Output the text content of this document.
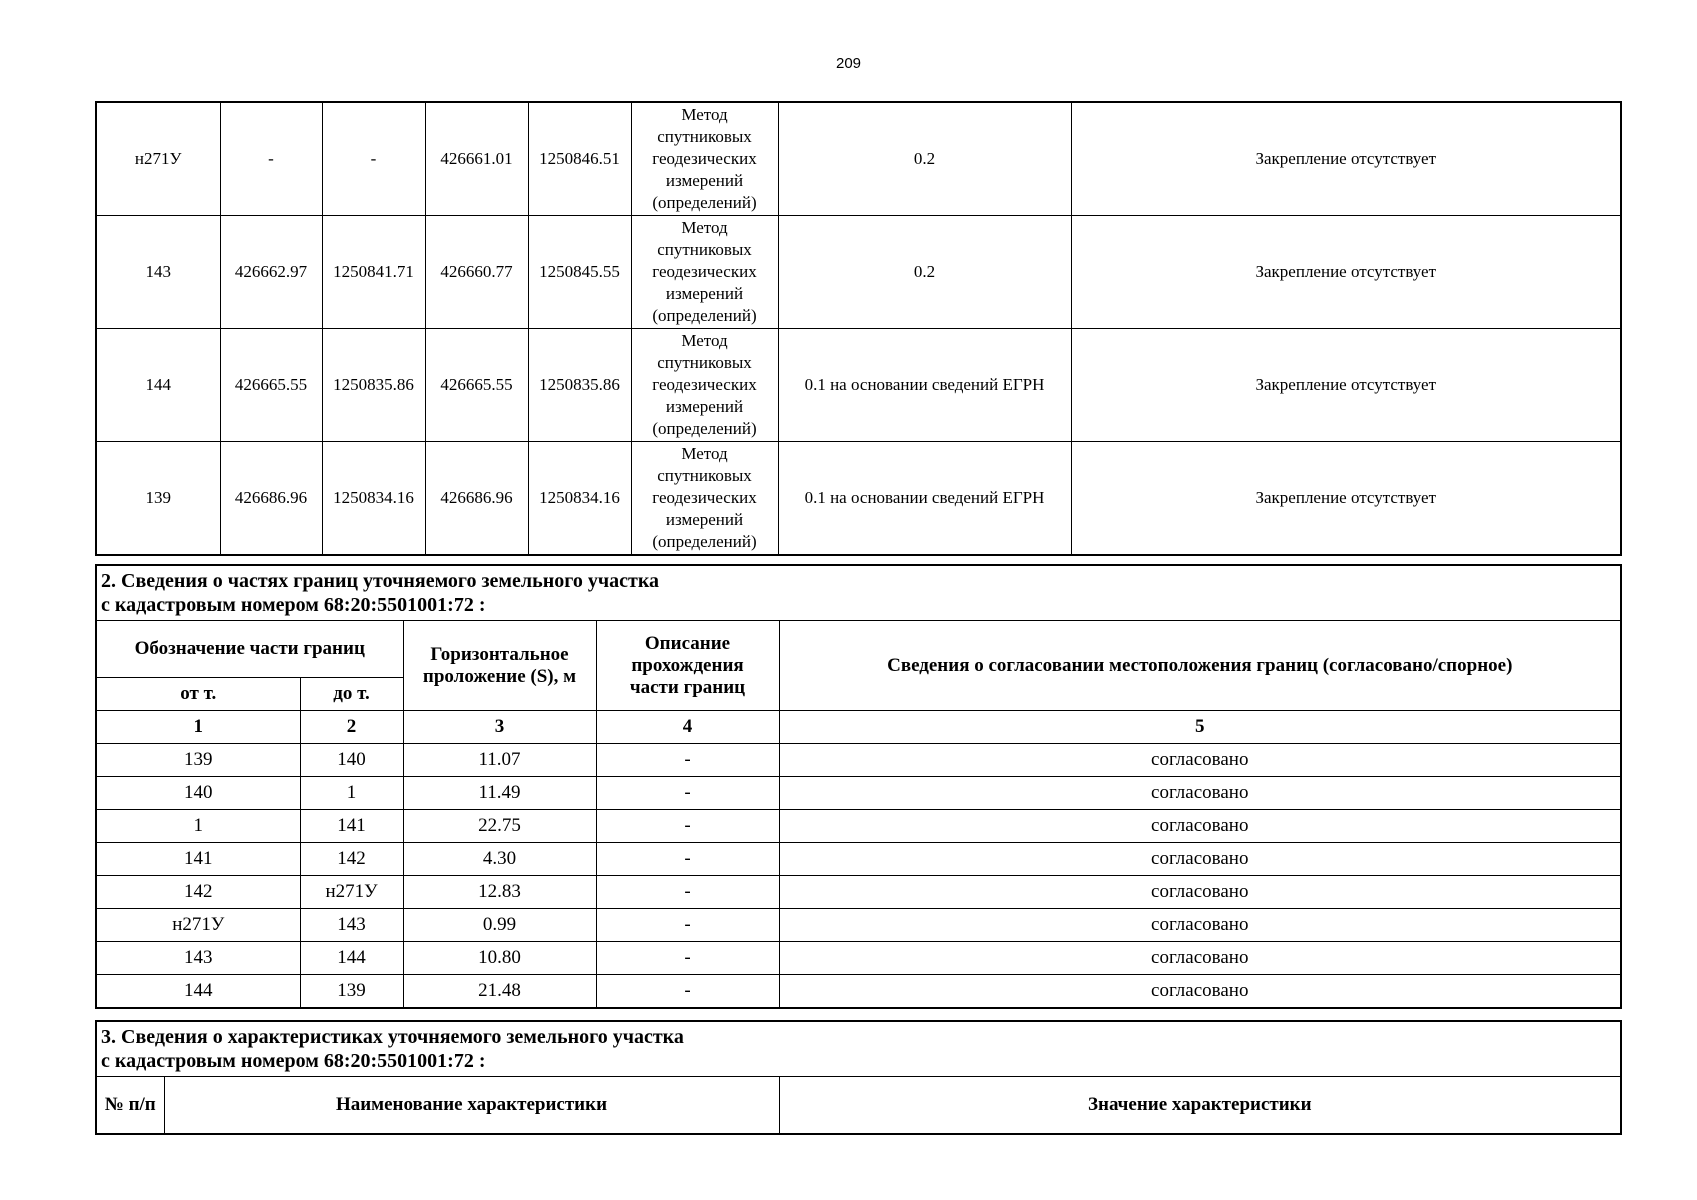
209
н271У	-	-	426661.01	1250846.51	Метод спутниковых геодезических измерений (определений)	0.2	Закрепление отсутствует
143	426662.97	1250841.71	426660.77	1250845.55	Метод спутниковых геодезических измерений (определений)	0.2	Закрепление отсутствует
144	426665.55	1250835.86	426665.55	1250835.86	Метод спутниковых геодезических измерений (определений)	0.1 на основании сведений ЕГРН	Закрепление отсутствует
139	426686.96	1250834.16	426686.96	1250834.16	Метод спутниковых геодезических измерений (определений)	0.1 на основании сведений ЕГРН	Закрепление отсутствует
2. Сведения о частях границ уточняемого земельного участка
с кадастровым номером 68:20:5501001:72 :				
Обозначение части границ		Горизонтальное проложение (S), м	Описание прохождения части границ	Сведения о согласовании местоположения границ (согласовано/спорное)
от т.	до т.			
1	2	3	4	5
139	140	11.07	-	согласовано
140	1	11.49	-	согласовано
1	141	22.75	-	согласовано
141	142	4.30	-	согласовано
142	н271У	12.83	-	согласовано
н271У	143	0.99	-	согласовано
143	144	10.80	-	согласовано
144	139	21.48	-	согласовано
3. Сведения о характеристиках уточняемого земельного участка
с кадастровым номером 68:20:5501001:72 :
№ п/п	Наименование характеристики	Значение характеристики
